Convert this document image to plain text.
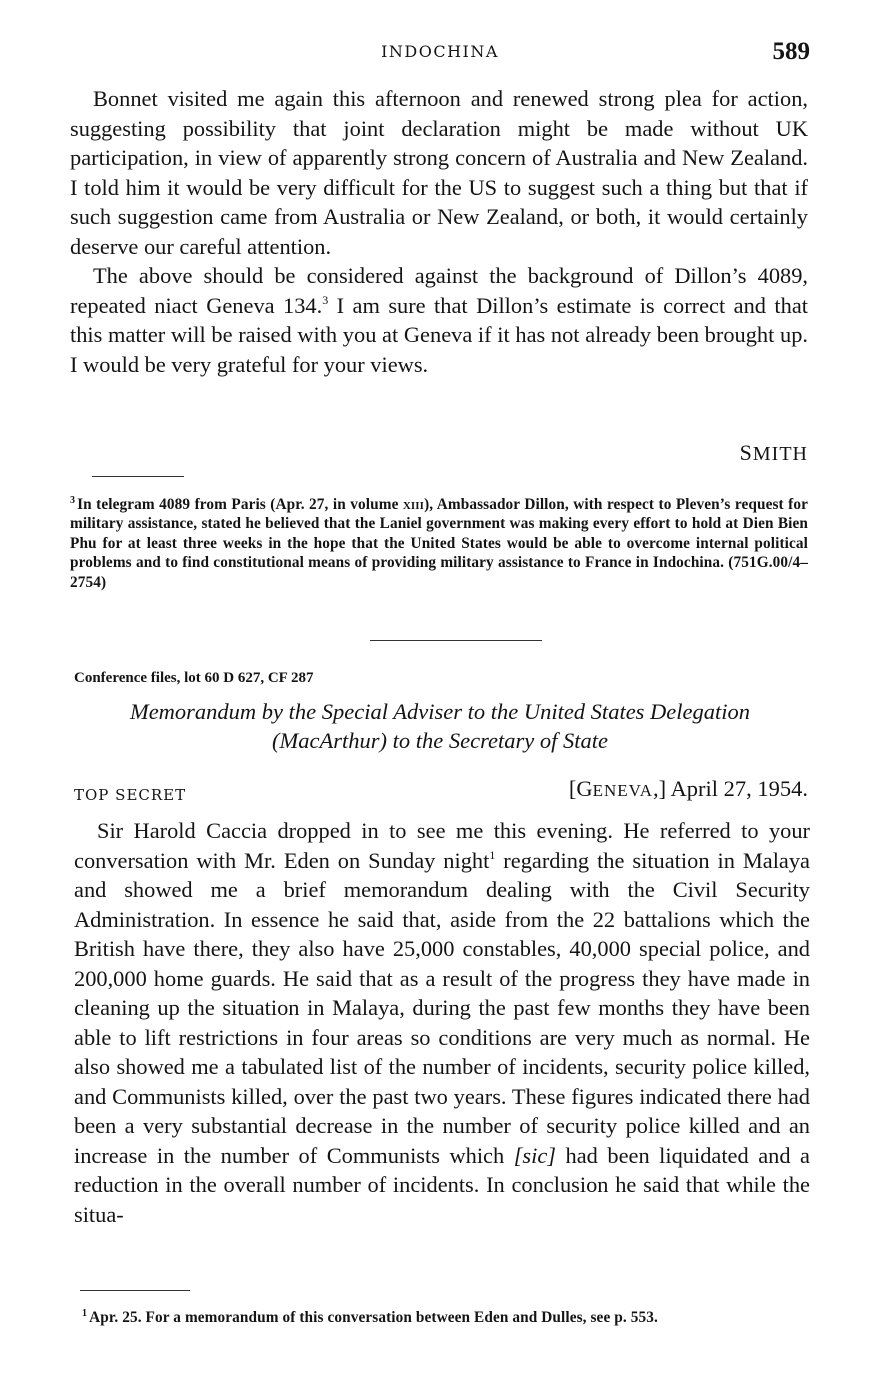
INDOCHINA	589

Bonnet visited me again this afternoon and renewed strong plea for action, suggesting possibility that joint declaration might be made without UK participation, in view of apparently strong concern of Australia and New Zealand. I told him it would be very difficult for the US to suggest such a thing but that if such suggestion came from Australia or New Zealand, or both, it would certainly deserve our careful attention.

The above should be considered against the background of Dillon’s 4089, repeated niact Geneva 134.$^3$ I am sure that Dillon’s estimate is correct and that this matter will be raised with you at Geneva if it has not already been brought up. I would be very grateful for your views.

SMITH

$^3$ In telegram 4089 from Paris (Apr. 27, in volume xiii), Ambassador Dillon, with respect to Pleven’s request for military assistance, stated he believed that the Laniel government was making every effort to hold at Dien Bien Phu for at least three weeks in the hope that the United States would be able to overcome internal political problems and to find constitutional means of providing military assistance to France in Indochina. (751G.00/4–2754)

Conference files, lot 60 D 627, CF 287
Memorandum by the Special Adviser to the United States Delegation
(MacArthur) to the Secretary of State
TOP SECRET	[GENEVA,] April 27, 1954.

Sir Harold Caccia dropped in to see me this evening. He referred to your conversation with Mr. Eden on Sunday night$^1$ regarding the situation in Malaya and showed me a brief memorandum dealing with the Civil Security Administration. In essence he said that, aside from the 22 battalions which the British have there, they also have 25,000 constables, 40,000 special police, and 200,000 home guards. He said that as a result of the progress they have made in cleaning up the situation in Malaya, during the past few months they have been able to lift restrictions in four areas so conditions are very much as normal. He also showed me a tabulated list of the number of incidents, security police killed, and Communists killed, over the past two years. These figures indicated there had been a very substantial decrease in the number of security police killed and an increase in the number of Communists which [sic] had been liquidated and a reduction in the overall number of incidents. In conclusion he said that while the situa-

$^1$ Apr. 25. For a memorandum of this conversation between Eden and Dulles, see p. 553.
